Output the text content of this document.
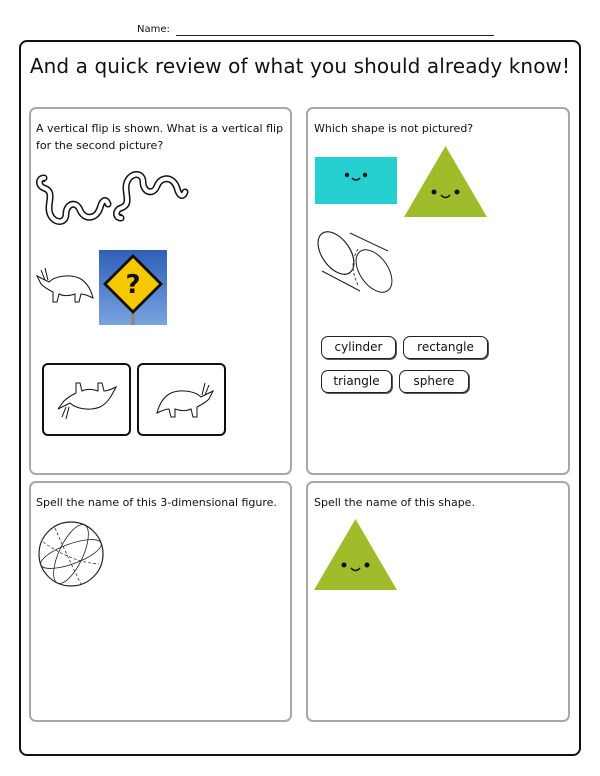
Name:
And a quick review of what you should already know!
A vertical flip is shown. What is a vertical flip for the second picture?
?
Which shape is not pictured?
cylinder	rectangle
triangle	sphere
Spell the name of this 3-dimensional figure.	Spell the name of this shape.
